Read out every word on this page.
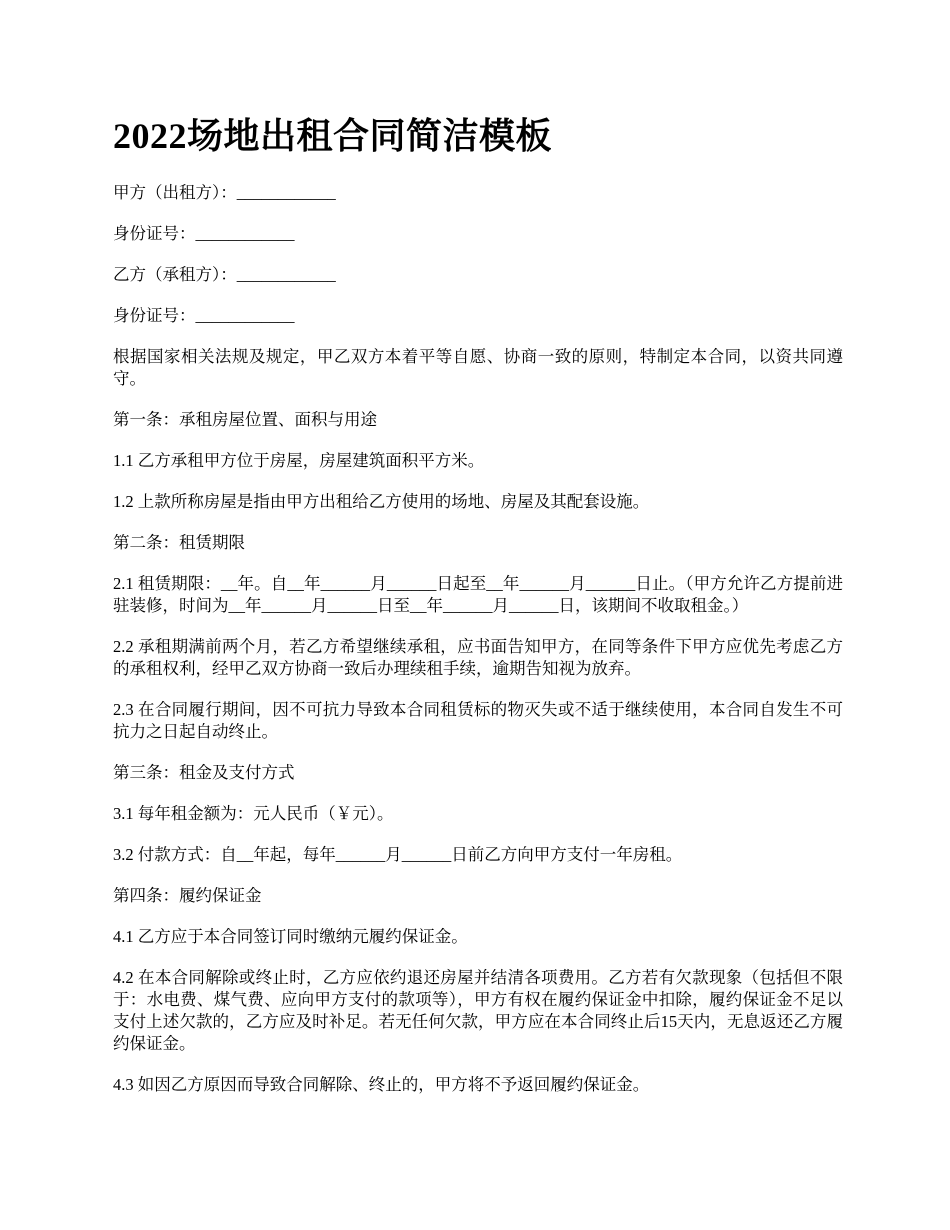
2022场地出租合同简洁模板

甲方（出租方）：____________

身份证号：____________

乙方（承租方）：____________

身份证号：____________

根据国家相关法规及规定，甲乙双方本着平等自愿、协商一致的原则，特制定本合同，以资共同遵守。

第一条：承租房屋位置、面积与用途

1.1 乙方承租甲方位于房屋，房屋建筑面积平方米。

1.2 上款所称房屋是指由甲方出租给乙方使用的场地、房屋及其配套设施。

第二条：租赁期限

2.1 租赁期限：__年。自__年______月______日起至__年______月______日止。（甲方允许乙方提前进驻装修，时间为__年______月______日至__年______月______日，该期间不收取租金。）

2.2 承租期满前两个月，若乙方希望继续承租，应书面告知甲方，在同等条件下甲方应优先考虑乙方的承租权利，经甲乙双方协商一致后办理续租手续，逾期告知视为放弃。

2.3 在合同履行期间，因不可抗力导致本合同租赁标的物灭失或不适于继续使用，本合同自发生不可抗力之日起自动终止。

第三条：租金及支付方式

3.1 每年租金额为：元人民币（￥元）。

3.2 付款方式：自__年起，每年______月______日前乙方向甲方支付一年房租。

第四条：履约保证金

4.1 乙方应于本合同签订同时缴纳元履约保证金。

4.2 在本合同解除或终止时，乙方应依约退还房屋并结清各项费用。乙方若有欠款现象（包括但不限于：水电费、煤气费、应向甲方支付的款项等），甲方有权在履约保证金中扣除，履约保证金不足以支付上述欠款的，乙方应及时补足。若无任何欠款，甲方应在本合同终止后15天内，无息返还乙方履约保证金。

4.3 如因乙方原因而导致合同解除、终止的，甲方将不予返回履约保证金。
